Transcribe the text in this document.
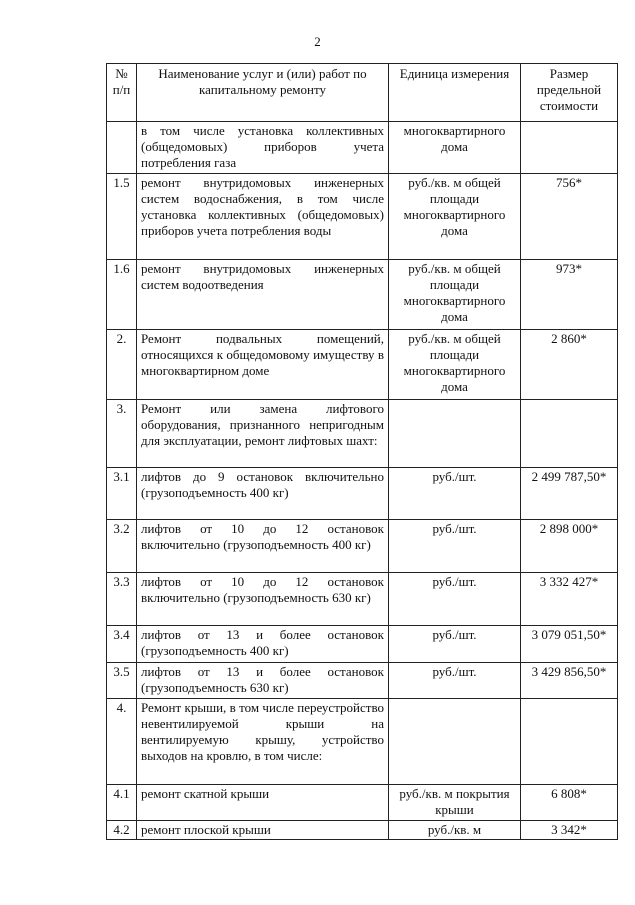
2
№ п/п	Наименование услуг и (или) работ по капитальному ремонту	Единица измерения	Размер предельной стоимости
	в том числе установка коллективных (общедомовых) приборов учета потребления газа	многоквартирного дома	
1.5	ремонт внутридомовых инженерных систем водоснабжения, в том числе установка коллективных (общедомовых) приборов учета потребления воды	руб./кв. м общей площади многоквартирного дома	756*
1.6	ремонт внутридомовых инженерных систем водоотведения	руб./кв. м общей площади многоквартирного дома	973*
2.	Ремонт подвальных помещений, относящихся к общедомовому имуществу в многоквартирном доме	руб./кв. м общей площади многоквартирного дома	2 860*
3.	Ремонт или замена лифтового оборудования, признанного непригодным для эксплуатации, ремонт лифтовых шахт:		
3.1	лифтов до 9 остановок включительно (грузоподъемность 400 кг)	руб./шт.	2 499 787,50*
3.2	лифтов от 10 до 12 остановок включительно (грузоподъемность 400 кг)	руб./шт.	2 898 000*
3.3	лифтов от 10 до 12 остановок включительно (грузоподъемность 630 кг)	руб./шт.	3 332 427*
3.4	лифтов от 13 и более остановок (грузоподъемность 400 кг)	руб./шт.	3 079 051,50*
3.5	лифтов от 13 и более остановок (грузоподъемность 630 кг)	руб./шт.	3 429 856,50*
4.	Ремонт крыши, в том числе переустройство невентилируемой крыши на вентилируемую крышу, устройство выходов на кровлю, в том числе:		
4.1	ремонт скатной крыши	руб./кв. м покрытия крыши	6 808*
4.2	ремонт плоской крыши	руб./кв. м	3 342*
